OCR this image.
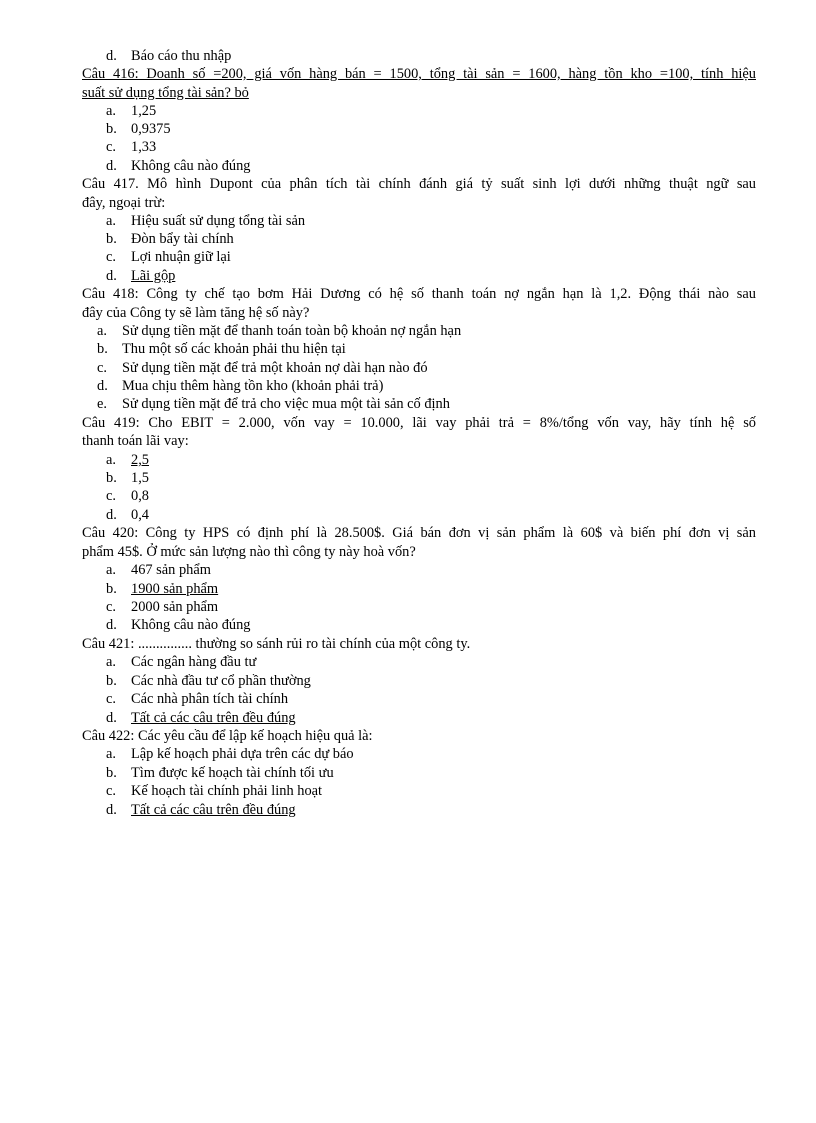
d. Báo cáo thu nhập
Câu 416: Doanh số =200, giá vốn hàng bán = 1500, tổng tài sản = 1600, hàng tồn kho =100, tính hiệu
suất sử dụng tổng tài sản? bỏ
a. 1,25
b. 0,9375
c. 1,33
d. Không câu nào đúng
Câu 417. Mô hình Dupont của phân tích tài chính đánh giá tỷ suất sinh lợi dưới những thuật ngữ sau
đây, ngoại trừ:
a. Hiệu suất sử dụng tổng tài sản
b. Đòn bẩy tài chính
c. Lợi nhuận giữ lại
d. Lãi gộp
Câu 418: Công ty chế tạo bơm Hải Dương có hệ số thanh toán nợ ngắn hạn là 1,2. Động thái nào sau
đây của Công ty sẽ làm tăng hệ số này?
a. Sử dụng tiền mặt để thanh toán toàn bộ khoản nợ ngắn hạn
b. Thu một số các khoản phải thu hiện tại
c. Sử dụng tiền mặt để trả một khoản nợ dài hạn nào đó
d. Mua chịu thêm hàng tồn kho (khoản phải trả)
e. Sử dụng tiền mặt để trả cho việc mua một tài sản cố định
Câu 419: Cho EBIT = 2.000, vốn vay = 10.000, lãi vay phải trả = 8%/tổng vốn vay, hãy tính hệ số
thanh toán lãi vay:
a. 2,5
b. 1,5
c. 0,8
d. 0,4
Câu 420: Công ty HPS có định phí là 28.500$. Giá bán đơn vị sản phẩm là 60$ và biến phí đơn vị sản
phẩm 45$. Ở mức sản lượng nào thì công ty này hoà vốn?
a. 467 sản phẩm
b. 1900 sản phẩm
c. 2000 sản phẩm
d. Không câu nào đúng
Câu 421: ............... thường so sánh rủi ro tài chính của một công ty.
a. Các ngân hàng đầu tư
b. Các nhà đầu tư cổ phần thường
c. Các nhà phân tích tài chính
d. Tất cả các câu trên đều đúng
Câu 422: Các yêu cầu để lập kế hoạch hiệu quả là:
a. Lập kế hoạch phải dựa trên các dự báo
b. Tìm được kế hoạch tài chính tối ưu
c. Kế hoạch tài chính phải linh hoạt
d. Tất cả các câu trên đều đúng
